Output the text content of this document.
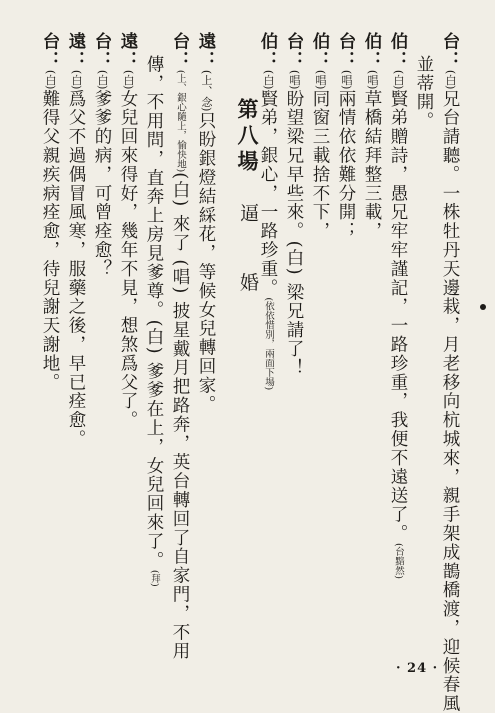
台：(白)兄台請聽。一株牡丹天邊栽，月老移向杭城來，親手架成鵲橋渡，迎候春風
並蒂開。
伯：(白)賢弟贈詩，愚兄牢牢謹記，一路珍重，我便不遠送了。(台黯然)
伯：(唱)草橋結拜整三載，
台：(唱)兩情依依難分開；
伯：(唱)同窗三載捨不下，
台：(唱)盼望梁兄早些來。(白) 梁兄請了！
伯：(白)賢弟，銀心，一路珍重。(依依惜別，兩面下場)
第八場
逼 婚
遠：(上、念)只盼銀燈結綵花，等候女兒轉回家。
台：(上、銀心隨上，愉快地)(白) 來了 (唱) 披星戴月把路奔，英台轉回了自家門，不用
傳，不用問，直奔上房見爹尊。(白) 爹爹在上，女兒回來了。(拜)
遠：(白)女兒回來得好，幾年不見，想煞爲父了。
台：(白)爹爹的病，可曾痊愈？
遠：(白)爲父不過偶冒風寒，服藥之後，早已痊愈。
台：(白)難得父親疾病痊愈，待兒謝天謝地。
· 24 ·
